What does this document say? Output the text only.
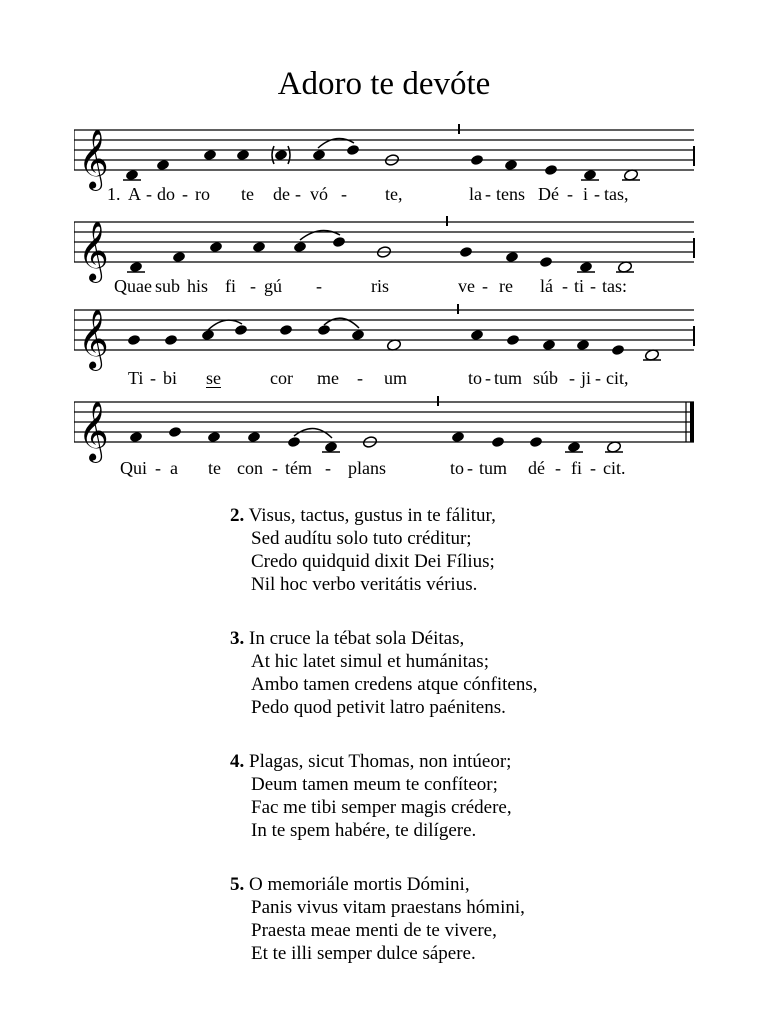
Adoro te devóte
𝄞
1. A - do - ro te de - vó - te,	la - tens Dé - i - tas,
𝄞
Quae sub his fi - gú -	ris	ve - re lá - ti - tas:
𝄞
Ti - bi se	cor me - um	to - tum súb - ji - cit,
𝄞
Qui - a te con - tém - plans	to - tum dé - fi - cit.
2. Visus, tactus, gustus in te fálitur,
Sed audítu solo tuto créditur;
Credo quidquid dixit Dei Fílius;
Nil hoc verbo veritátis vérius.
3. In cruce la tébat sola Déitas,
At hic latet simul et humánitas;
Ambo tamen credens atque cónfitens,
Pedo quod petivit latro paénitens.
4. Plagas, sicut Thomas, non intúeor;
Deum tamen meum te confíteor;
Fac me tibi semper magis crédere,
In te spem habére, te dilígere.
5. O memoriále mortis Dómini,
Panis vivus vitam praestans hómini,
Praesta meae menti de te vivere,
Et te illi semper dulce sápere.
